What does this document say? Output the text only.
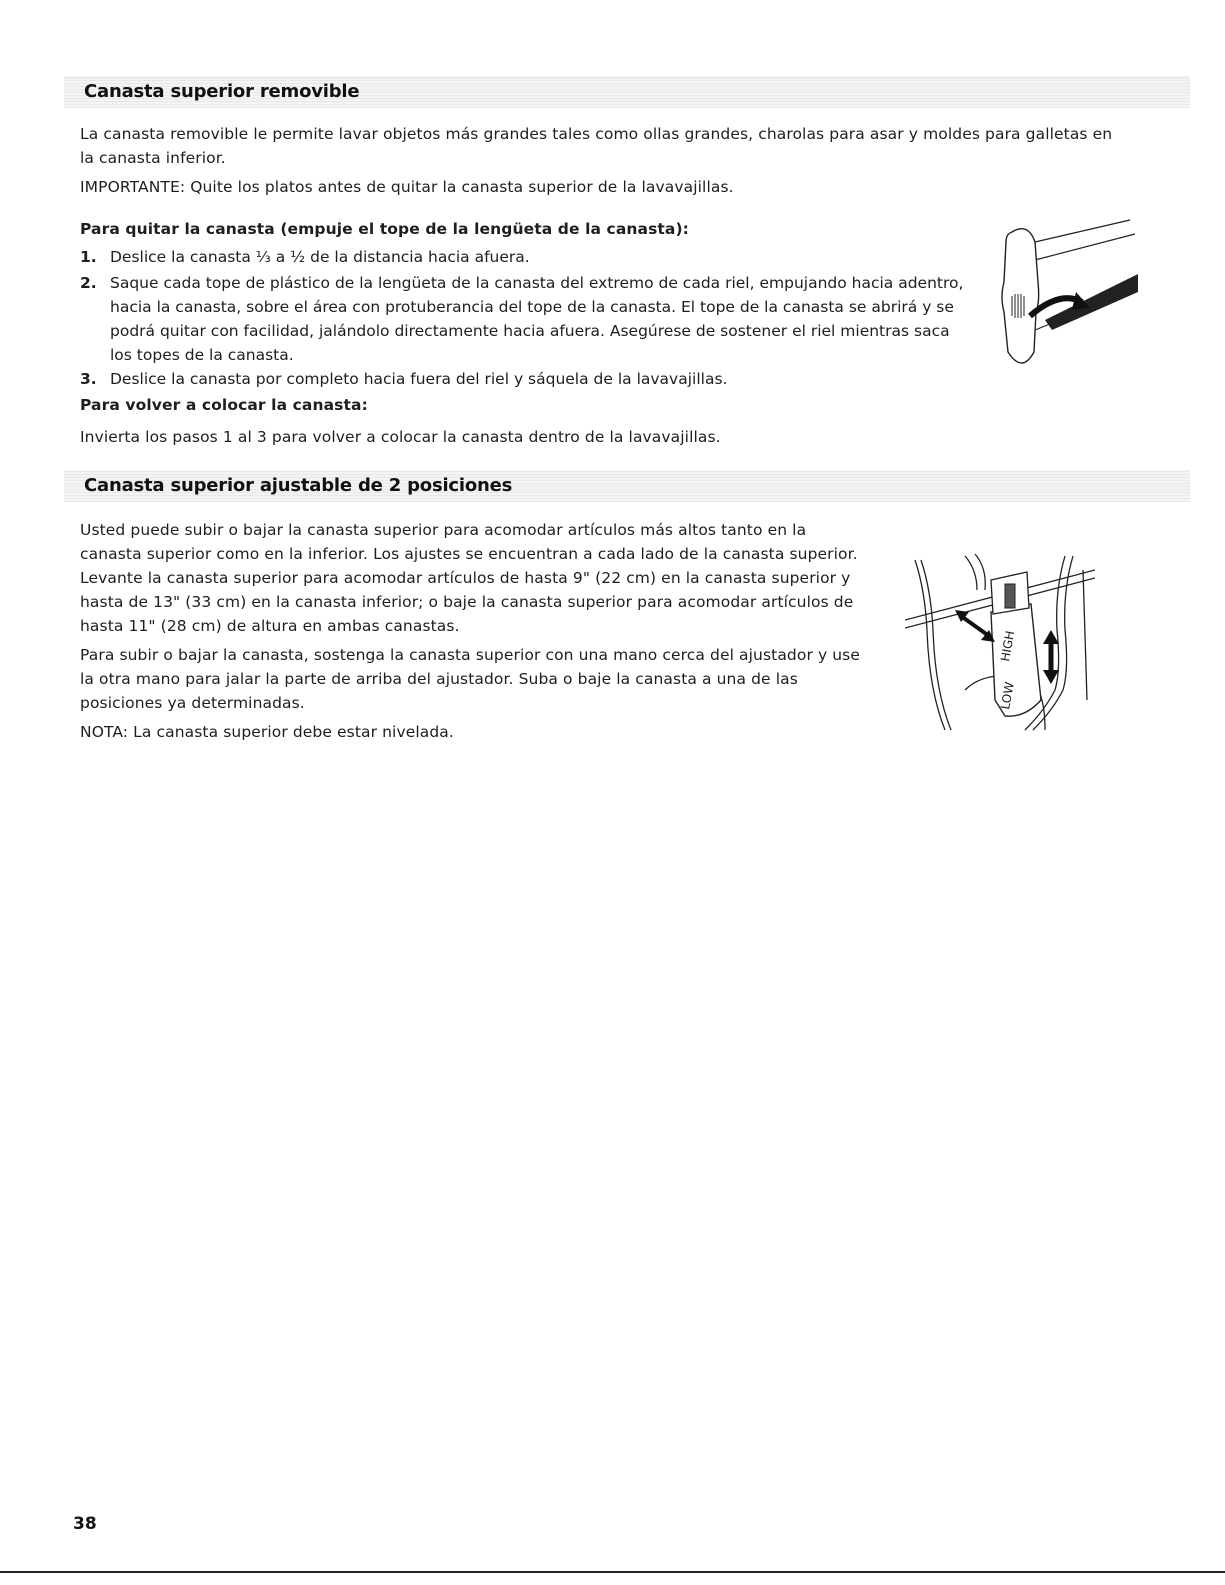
Canasta superior removible

La canasta removible le permite lavar objetos más grandes tales como ollas grandes, charolas para asar y moldes para galletas en la canasta inferior.

IMPORTANTE: Quite los platos antes de quitar la canasta superior de la lavavajillas.

Para quitar la canasta (empuje el tope de la lengüeta de la canasta):

1. Deslice la canasta ⅓ a ½ de la distancia hacia afuera.
2. Saque cada tope de plástico de la lengüeta de la canasta del extremo de cada riel, empujando hacia adentro, hacia la canasta, sobre el área con protuberancia del tope de la canasta. El tope de la canasta se abrirá y se podrá quitar con facilidad, jalándolo directamente hacia afuera. Asegúrese de sostener el riel mientras saca los topes de la canasta.
3. Deslice la canasta por completo hacia fuera del riel y sáquela de la lavavajillas.

Para volver a colocar la canasta:

Invierta los pasos 1 al 3 para volver a colocar la canasta dentro de la lavavajillas.

Canasta superior ajustable de 2 posiciones

Usted puede subir o bajar la canasta superior para acomodar artículos más altos tanto en la canasta superior como en la inferior. Los ajustes se encuentran a cada lado de la canasta superior. Levante la canasta superior para acomodar artículos de hasta 9" (22 cm) en la canasta superior y hasta de 13" (33 cm) en la canasta inferior; o baje la canasta superior para acomodar artículos de hasta 11" (28 cm) de altura en ambas canastas.

Para subir o bajar la canasta, sostenga la canasta superior con una mano cerca del ajustador y use la otra mano para jalar la parte de arriba del ajustador. Suba o baje la canasta a una de las posiciones ya determinadas.

NOTA: La canasta superior debe estar nivelada.

HIGH
LOW
38
